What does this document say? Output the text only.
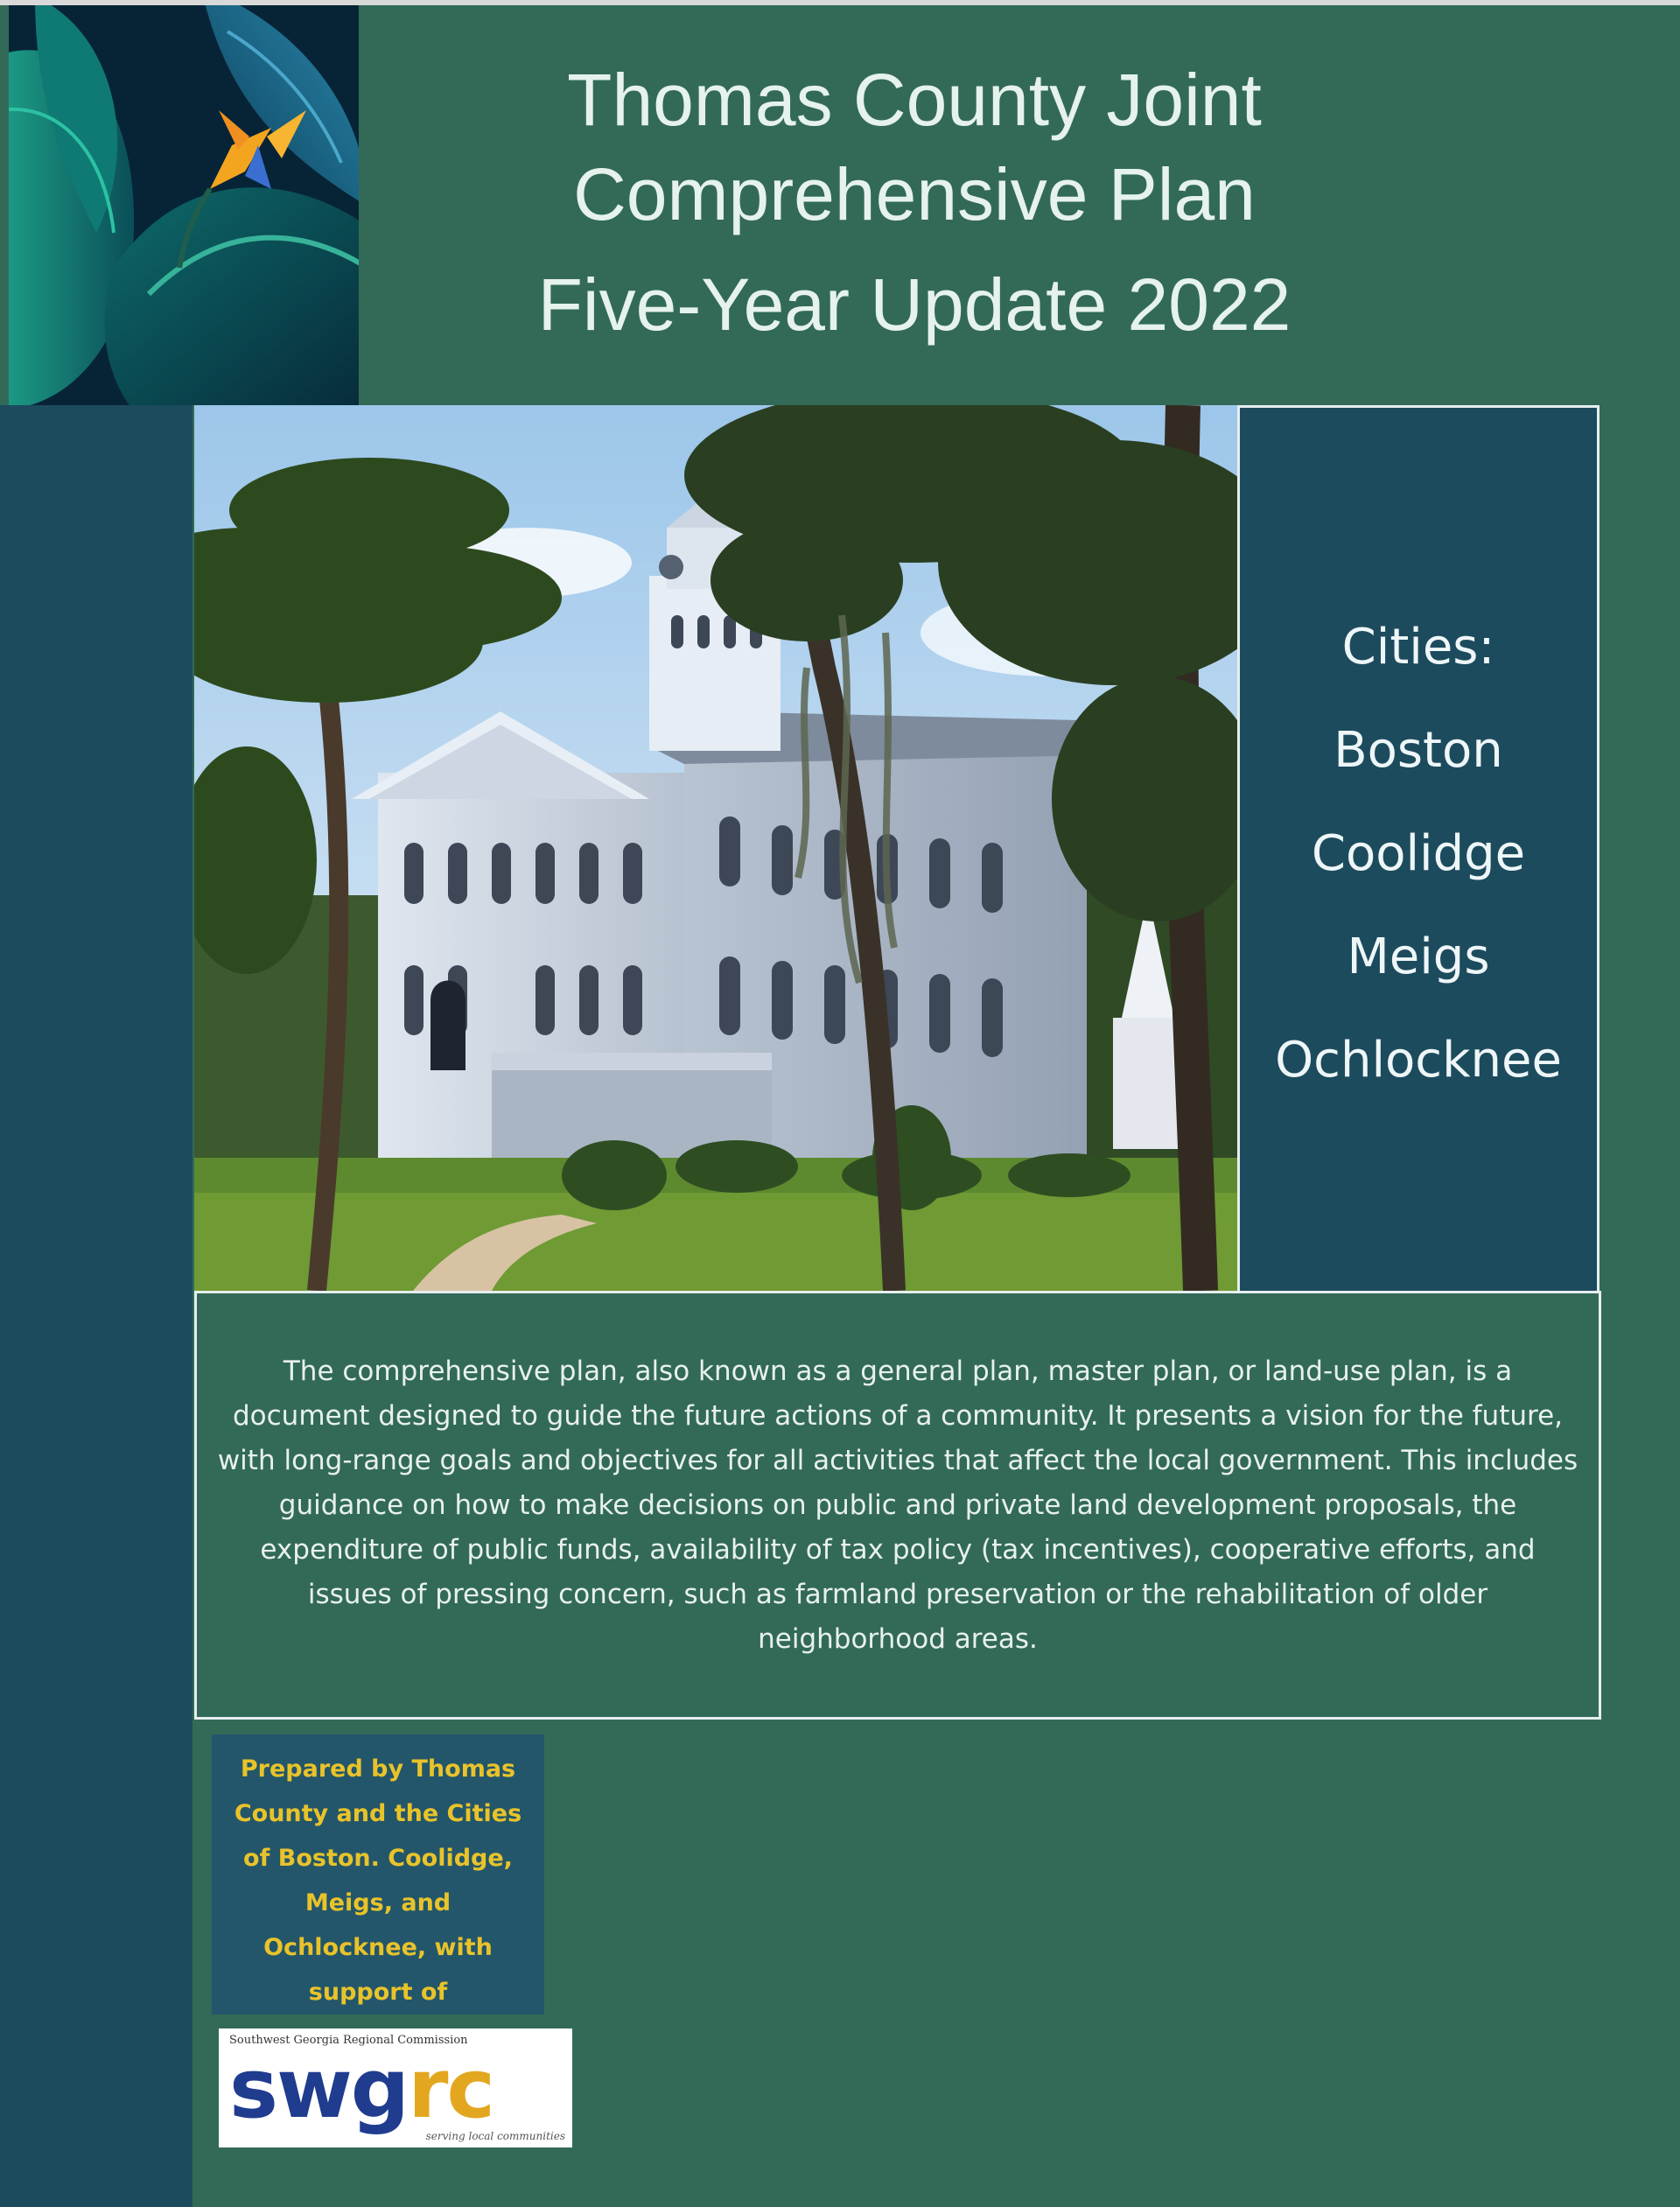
Thomas County Joint
Comprehensive Plan
Five-Year Update 2022
Cities:
Boston
Coolidge
Meigs
Ochlocknee
The comprehensive plan, also known as a general plan, master plan, or land-use plan, is a document designed to guide the future actions of a community. It presents a vision for the future, with long-range goals and objectives for all activities that affect the local government. This includes guidance on how to make decisions on public and private land development proposals, the expenditure of public funds, availability of tax policy (tax incentives), cooperative efforts, and issues of pressing concern, such as farmland preservation or the rehabilitation of older neighborhood areas.
Prepared by Thomas
County and the Cities
of Boston. Coolidge,
Meigs, and
Ochlocknee, with
support of
Southwest Georgia Regional Commission
swgrc
serving local communities
